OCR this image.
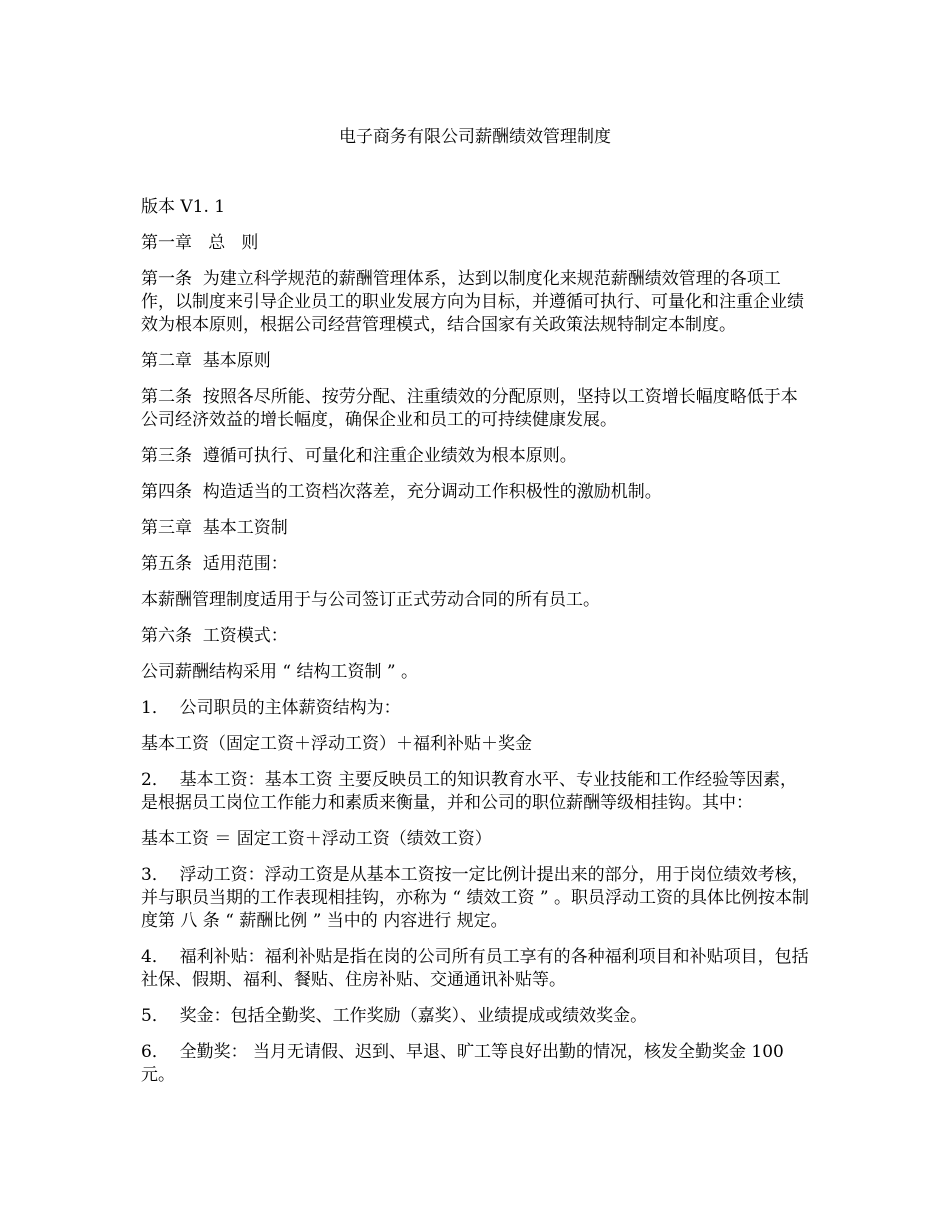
电子商务有限公司薪酬绩效管理制度

版本 V1. 1

第一章   总   则

第一条  为建立科学规范的薪酬管理体系，达到以制度化来规范薪酬绩效管理的各项工作，以制度来引导企业员工的职业发展方向为目标，并遵循可执行、可量化和注重企业绩效为根本原则，根据公司经营管理模式，结合国家有关政策法规特制定本制度。

第二章  基本原则

第二条  按照各尽所能、按劳分配、注重绩效的分配原则，坚持以工资增长幅度略低于本公司经济效益的增长幅度，确保企业和员工的可持续健康发展。

第三条  遵循可执行、可量化和注重企业绩效为根本原则。

第四条  构造适当的工资档次落差，充分调动工作积极性的激励机制。

第三章  基本工资制

第五条  适用范围：

本薪酬管理制度适用于与公司签订正式劳动合同的所有员工。

第六条  工资模式：

公司薪酬结构采用 “ 结构工资制 ” 。

1．  公司职员的主体薪资结构为：

基本工资（固定工资＋浮动工资）＋福利补贴＋奖金

2．  基本工资：基本工资 主要反映员工的知识教育水平、专业技能和工作经验等因素，是根据员工岗位工作能力和素质来衡量，并和公司的职位薪酬等级相挂钩。其中：

基本工资 ＝ 固定工资＋浮动工资（绩效工资）

3．  浮动工资：浮动工资是从基本工资按一定比例计提出来的部分，用于岗位绩效考核，并与职员当期的工作表现相挂钩，亦称为 “ 绩效工资 ” 。职员浮动工资的具体比例按本制度第 八 条 “ 薪酬比例 ” 当中的 内容进行 规定。

4．  福利补贴：福利补贴是指在岗的公司所有员工享有的各种福利项目和补贴项目，包括社保、假期、福利、餐贴、住房补贴、交通通讯补贴等。

5．  奖金：包括全勤奖、工作奖励（嘉奖）、业绩提成或绩效奖金。

6．  全勤奖： 当月无请假、迟到、早退、旷工等良好出勤的情况，核发全勤奖金 100 元。
